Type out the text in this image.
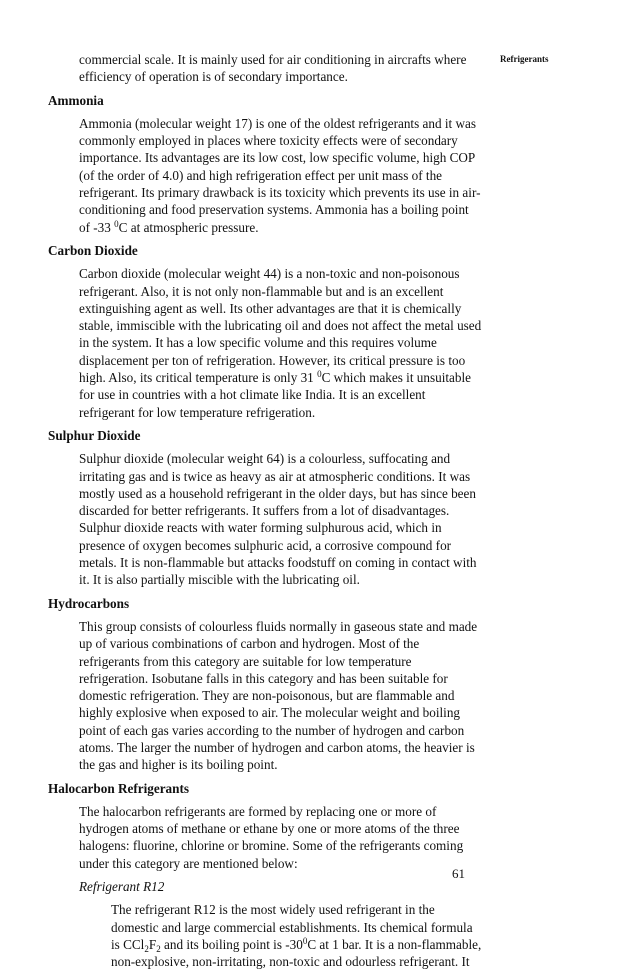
Refrigerants
commercial scale. It is mainly used for air conditioning in aircrafts where
efficiency of operation is of secondary importance.
Ammonia
Ammonia (molecular weight 17) is one of the oldest refrigerants and it was
commonly employed in places where toxicity effects were of secondary
importance. Its advantages are its low cost, low specific volume, high COP
(of the order of 4.0) and high refrigeration effect per unit mass of the
refrigerant. Its primary drawback is its toxicity which prevents its use in air-
conditioning and food preservation systems. Ammonia has a boiling point
of -33 $^0$C at atmospheric pressure.
Carbon Dioxide
Carbon dioxide (molecular weight 44) is a non-toxic and non-poisonous
refrigerant. Also, it is not only non-flammable but and is an excellent
extinguishing agent as well. Its other advantages are that it is chemically
stable, immiscible with the lubricating oil and does not affect the metal used
in the system. It has a low specific volume and this requires volume
displacement per ton of refrigeration. However, its critical pressure is too
high. Also, its critical temperature is only 31 $^0$C which makes it unsuitable
for use in countries with a hot climate like India. It is an excellent
refrigerant for low temperature refrigeration.
Sulphur Dioxide
Sulphur dioxide (molecular weight 64) is a colourless, suffocating and
irritating gas and is twice as heavy as air at atmospheric conditions. It was
mostly used as a household refrigerant in the older days, but has since been
discarded for better refrigerants. It suffers from a lot of disadvantages.
Sulphur dioxide reacts with water forming sulphurous acid, which in
presence of oxygen becomes sulphuric acid, a corrosive compound for
metals. It is non-flammable but attacks foodstuff on coming in contact with
it. It is also partially miscible with the lubricating oil.
Hydrocarbons
This group consists of colourless fluids normally in gaseous state and made
up of various combinations of carbon and hydrogen. Most of the
refrigerants from this category are suitable for low temperature
refrigeration. Isobutane falls in this category and has been suitable for
domestic refrigeration. They are non-poisonous, but are flammable and
highly explosive when exposed to air. The molecular weight and boiling
point of each gas varies according to the number of hydrogen and carbon
atoms. The larger the number of hydrogen and carbon atoms, the heavier is
the gas and higher is its boiling point.
Halocarbon Refrigerants
The halocarbon refrigerants are formed by replacing one or more of
hydrogen atoms of methane or ethane by one or more atoms of the three
halogens: fluorine, chlorine or bromine. Some of the refrigerants coming
under this category are mentioned below:
Refrigerant R12
The refrigerant R12 is the most widely used refrigerant in the
domestic and large commercial establishments. Its chemical formula
is $CCl_2F_2$ and its boiling point is $-30^0C$ at 1 bar. It is a non-flammable,
non-explosive, non-irritating, non-toxic and odourless refrigerant. It
61
